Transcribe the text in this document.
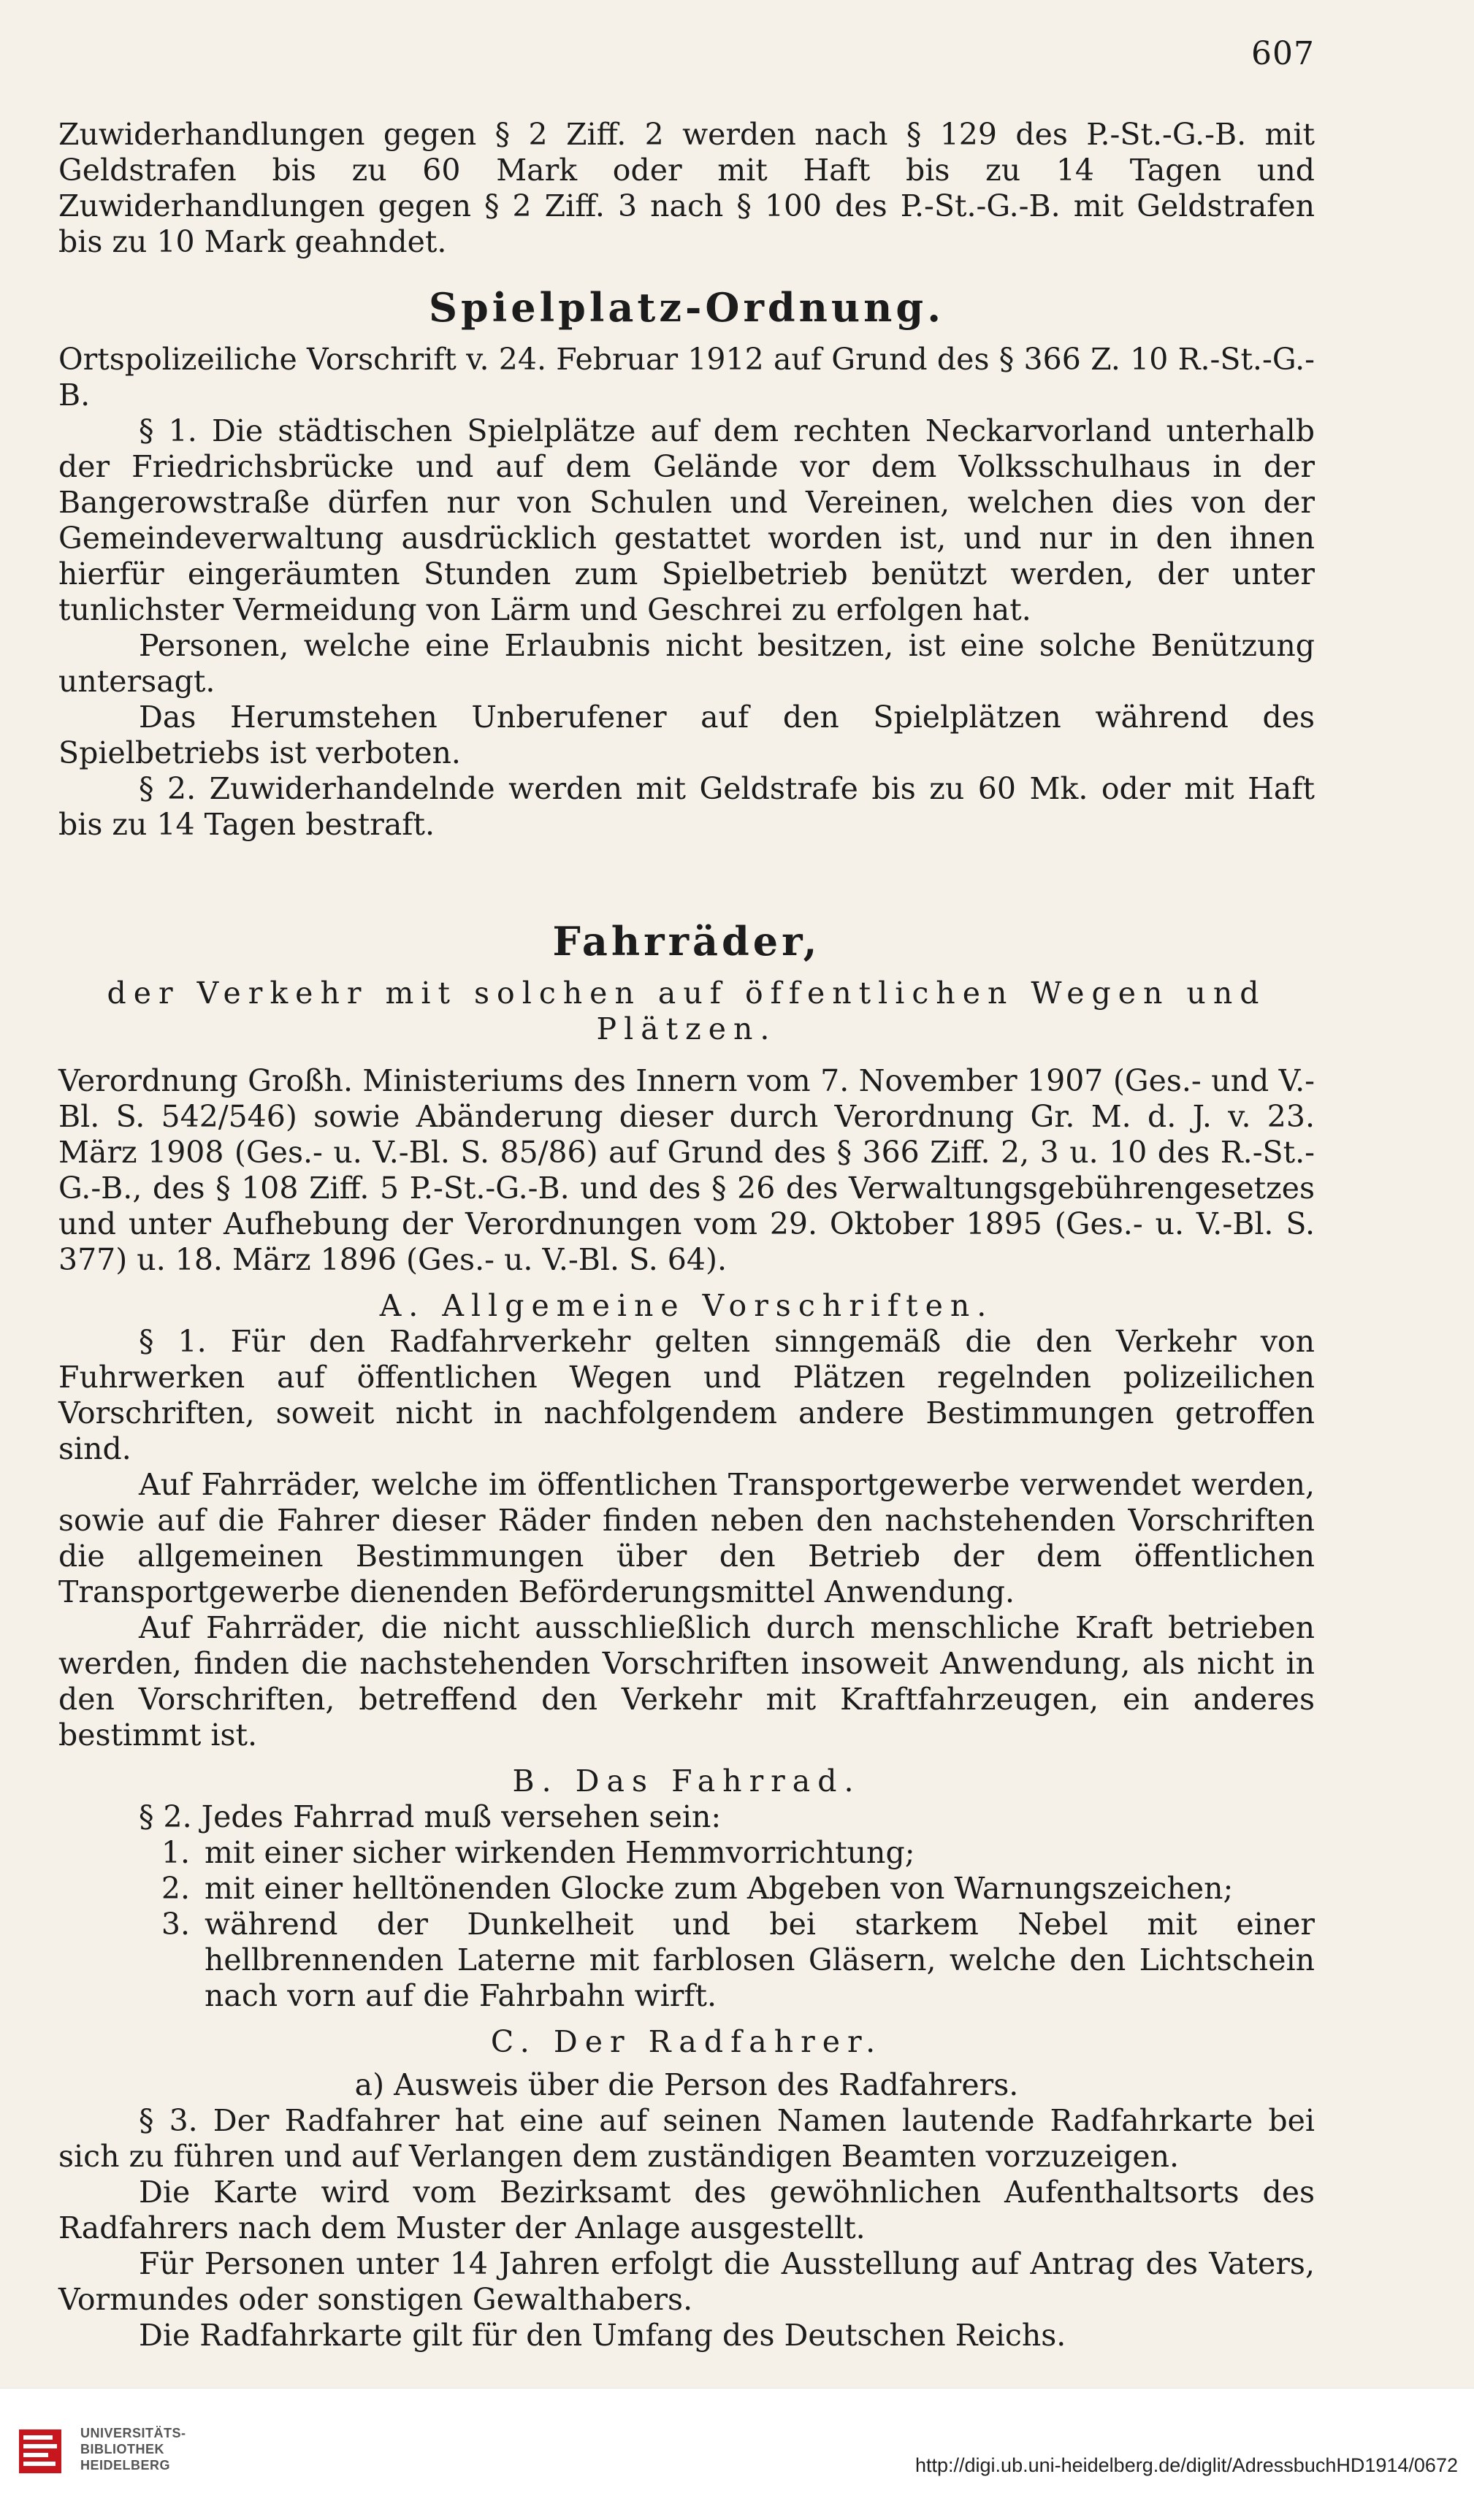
607

Zuwiderhandlungen gegen § 2 Ziff. 2 werden nach § 129 des P.-St.-G.-B. mit Geldstrafen bis zu 60 Mark oder mit Haft bis zu 14 Tagen und Zuwiderhandlungen gegen § 2 Ziff. 3 nach § 100 des P.-St.-G.-B. mit Geldstrafen bis zu 10 Mark geahndet.

Spielplatz-Ordnung.

Ortspolizeiliche Vorschrift v. 24. Februar 1912 auf Grund des § 366 Z. 10 R.-St.-G.-B.

§ 1. Die städtischen Spielplätze auf dem rechten Neckarvorland unterhalb der Friedrichsbrücke und auf dem Gelände vor dem Volksschulhaus in der Bangerowstraße dürfen nur von Schulen und Vereinen, welchen dies von der Gemeindeverwaltung ausdrücklich gestattet worden ist, und nur in den ihnen hierfür eingeräumten Stunden zum Spielbetrieb benützt werden, der unter tunlichster Vermeidung von Lärm und Geschrei zu erfolgen hat.

Personen, welche eine Erlaubnis nicht besitzen, ist eine solche Benützung untersagt.

Das Herumstehen Unberufener auf den Spielplätzen während des Spielbetriebs ist verboten.

§ 2. Zuwiderhandelnde werden mit Geldstrafe bis zu 60 Mk. oder mit Haft bis zu 14 Tagen bestraft.

Fahrräder,

der Verkehr mit solchen auf öffentlichen Wegen und Plätzen.

Verordnung Großh. Ministeriums des Innern vom 7. November 1907 (Ges.- und V.-Bl. S. 542/546) sowie Abänderung dieser durch Verordnung Gr. M. d. J. v. 23. März 1908 (Ges.- u. V.-Bl. S. 85/86) auf Grund des § 366 Ziff. 2, 3 u. 10 des R.-St.-G.-B., des § 108 Ziff. 5 P.-St.-G.-B. und des § 26 des Verwaltungsgebührengesetzes und unter Aufhebung der Verordnungen vom 29. Oktober 1895 (Ges.- u. V.-Bl. S. 377) u. 18. März 1896 (Ges.- u. V.-Bl. S. 64).

A. Allgemeine Vorschriften.

§ 1. Für den Radfahrverkehr gelten sinngemäß die den Verkehr von Fuhrwerken auf öffentlichen Wegen und Plätzen regelnden polizeilichen Vorschriften, soweit nicht in nachfolgendem andere Bestimmungen getroffen sind.

Auf Fahrräder, welche im öffentlichen Transportgewerbe verwendet werden, sowie auf die Fahrer dieser Räder finden neben den nachstehenden Vorschriften die allgemeinen Bestimmungen über den Betrieb der dem öffentlichen Transportgewerbe dienenden Beförderungsmittel Anwendung.

Auf Fahrräder, die nicht ausschließlich durch menschliche Kraft betrieben werden, finden die nachstehenden Vorschriften insoweit Anwendung, als nicht in den Vorschriften, betreffend den Verkehr mit Kraftfahrzeugen, ein anderes bestimmt ist.

B. Das Fahrrad.

§ 2. Jedes Fahrrad muß versehen sein:

1. mit einer sicher wirkenden Hemmvorrichtung;
2. mit einer helltönenden Glocke zum Abgeben von Warnungszeichen;
3. während der Dunkelheit und bei starkem Nebel mit einer hellbrennenden Laterne mit farblosen Gläsern, welche den Lichtschein nach vorn auf die Fahrbahn wirft.

C. Der Radfahrer.

a) Ausweis über die Person des Radfahrers.

§ 3. Der Radfahrer hat eine auf seinen Namen lautende Radfahrkarte bei sich zu führen und auf Verlangen dem zuständigen Beamten vorzuzeigen.

Die Karte wird vom Bezirksamt des gewöhnlichen Aufenthaltsorts des Radfahrers nach dem Muster der Anlage ausgestellt.

Für Personen unter 14 Jahren erfolgt die Ausstellung auf Antrag des Vaters, Vormundes oder sonstigen Gewalthabers.

Die Radfahrkarte gilt für den Umfang des Deutschen Reichs.

UNIVERSITÄTS-
BIBLIOTHEK
HEIDELBERG	http://digi.ub.uni-heidelberg.de/diglit/AdressbuchHD1914/0672
